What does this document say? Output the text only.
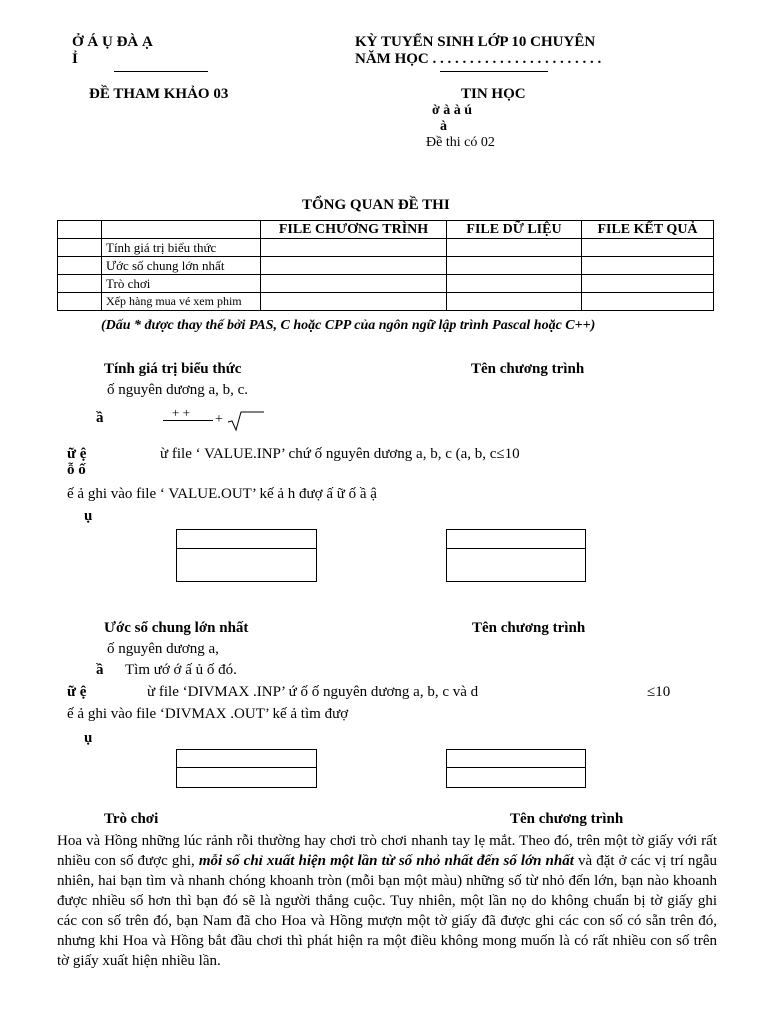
Ở Á Ụ ĐÀ Ạ
Ỉ
KỲ TUYỂN SINH LỚP 10 CHUYÊN
NĂM HỌC . . . . . . . . . . . . . . . . . . . . . . .
ĐỀ THAM KHẢO 03	TIN HỌC
ờ à à ú
à
Đề thi có 02
TỔNG QUAN ĐỀ THI
		FILE CHƯƠNG TRÌNH	FILE DỮ LIỆU	FILE KẾT QUẢ
	Tính giá trị biểu thức			
	Ước số chung lớn nhất			
	Trò chơi			
	Xếp hàng mua vé xem phim			
(Dấu * được thay thế bởi PAS, C hoặc CPP của ngôn ngữ lập trình Pascal hoặc C++)
Tính giá trị biểu thức	Tên chương trình
ố nguyên dương a, b, c.
ầ	+ + +
ữ ệ	ừ file ‘ VALUE.INP’ chứ ố nguyên dương a, b, c (a, b, c≤10
ỗ ố
ế ả ghi vào file ‘ VALUE.OUT’ kế ả h đượ ấ ữ ố ầ ậ
ụ
Ước số chung lớn nhất	Tên chương trình
ố nguyên dương a,
ầ Tìm ướ ớ ấ ủ ố đó.
ữ ệ	ừ file ‘DIVMAX .INP’ ứ ố ố nguyên dương a, b, c và d	≤10
ế ả ghi vào file ‘DIVMAX .OUT’ kế ả tìm đượ
ụ
Trò chơi	Tên chương trình
Hoa và Hồng những lúc rảnh rỗi thường hay chơi trò chơi nhanh tay lẹ mắt. Theo đó, trên một tờ giấy với rất nhiều con số được ghi, mỗi số chỉ xuất hiện một lần từ số nhỏ nhất đến số lớn nhất và đặt ở các vị trí ngẫu nhiên, hai bạn tìm và nhanh chóng khoanh tròn (mỗi bạn một màu) những số từ nhỏ đến lớn, bạn nào khoanh được nhiều số hơn thì bạn đó sẽ là người thắng cuộc. Tuy nhiên, một lần nọ do không chuẩn bị tờ giấy ghi các con số trên đó, bạn Nam đã cho Hoa và Hồng mượn một tờ giấy đã được ghi các con số có sẵn trên đó, nhưng khi Hoa và Hồng bắt đầu chơi thì phát hiện ra một điều không mong muốn là có rất nhiều con số trên tờ giấy xuất hiện nhiều lần.
